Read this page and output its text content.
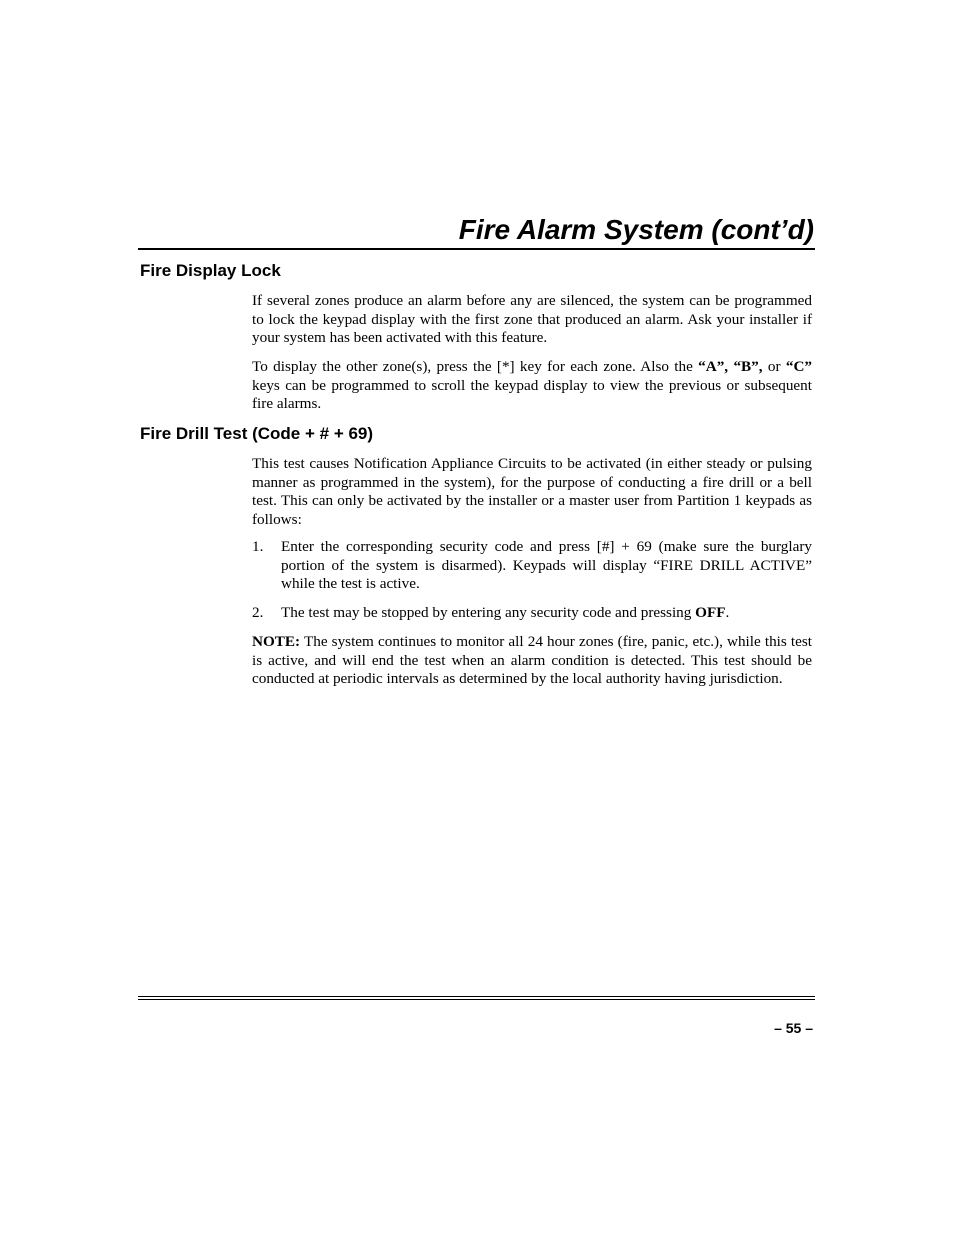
Fire Alarm System (cont’d)
Fire Display Lock

If several zones produce an alarm before any are silenced, the system can be programmed to lock the keypad display with the first zone that produced an alarm. Ask your installer if your system has been activated with this feature.

To display the other zone(s), press the [*] key for each zone. Also the “A”, “B”, or “C” keys can be programmed to scroll the keypad display to view the previous or subsequent fire alarms.

Fire Drill Test (Code + # + 69)

This test causes Notification Appliance Circuits to be activated (in either steady or pulsing manner as programmed in the system), for the purpose of conducting a fire drill or a bell test. This can only be activated by the installer or a master user from Partition 1 keypads as follows:

1. Enter the corresponding security code and press [#] + 69 (make sure the burglary portion of the system is disarmed). Keypads will display “FIRE DRILL ACTIVE” while the test is active.

2. The test may be stopped by entering any security code and pressing OFF.

NOTE: The system continues to monitor all 24 hour zones (fire, panic, etc.), while this test is active, and will end the test when an alarm condition is detected. This test should be conducted at periodic intervals as determined by the local authority having jurisdiction.

– 55 –
